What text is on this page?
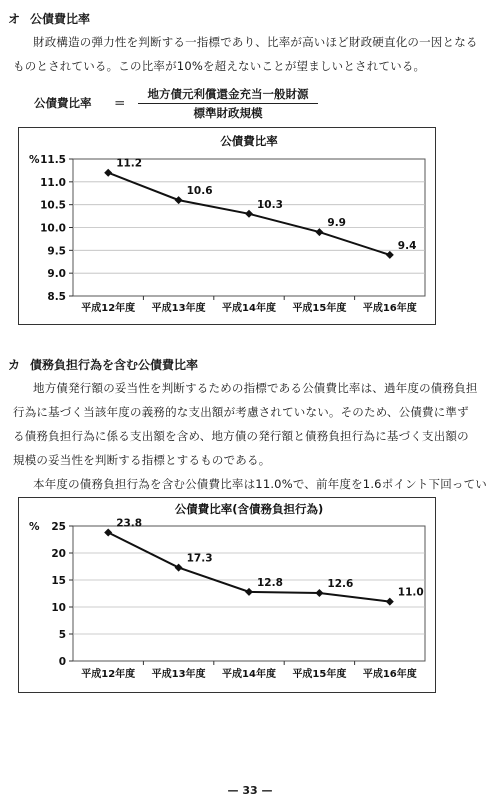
オ 公債費比率

財政構造の弾力性を判断する一指標であり、比率が高いほど財政硬直化の一因となる

ものとされている。この比率が10%を超えないことが望ましいとされている。

公債費比率 ＝
地方債元利償還金充当一般財源
標準財政規模
公債費比率
8.5
9.0
9.5
10.0
10.5
11.0
11.5
%
平成12年度 平成13年度 平成14年度 平成15年度 平成16年度
11.2
10.6
10.3
9.9
9.4
カ 債務負担行為を含む公債費比率

地方債発行額の妥当性を判断するための指標である公債費比率は、過年度の債務負担

行為に基づく当該年度の義務的な支出額が考慮されていない。そのため、公債費に準ず

る債務負担行為に係る支出額を含め、地方債の発行額と債務負担行為に基づく支出額の

規模の妥当性を判断する指標とするものである。

本年度の債務負担行為を含む公債費比率は11.0%で、前年度を1.6ポイント下回ってい

公債費比率(含債務負担行為)
0
5
10
15
20
25
%
平成12年度 平成13年度 平成14年度 平成15年度 平成16年度
23.8
17.3
12.8	12.6
11.0
— 33 —
